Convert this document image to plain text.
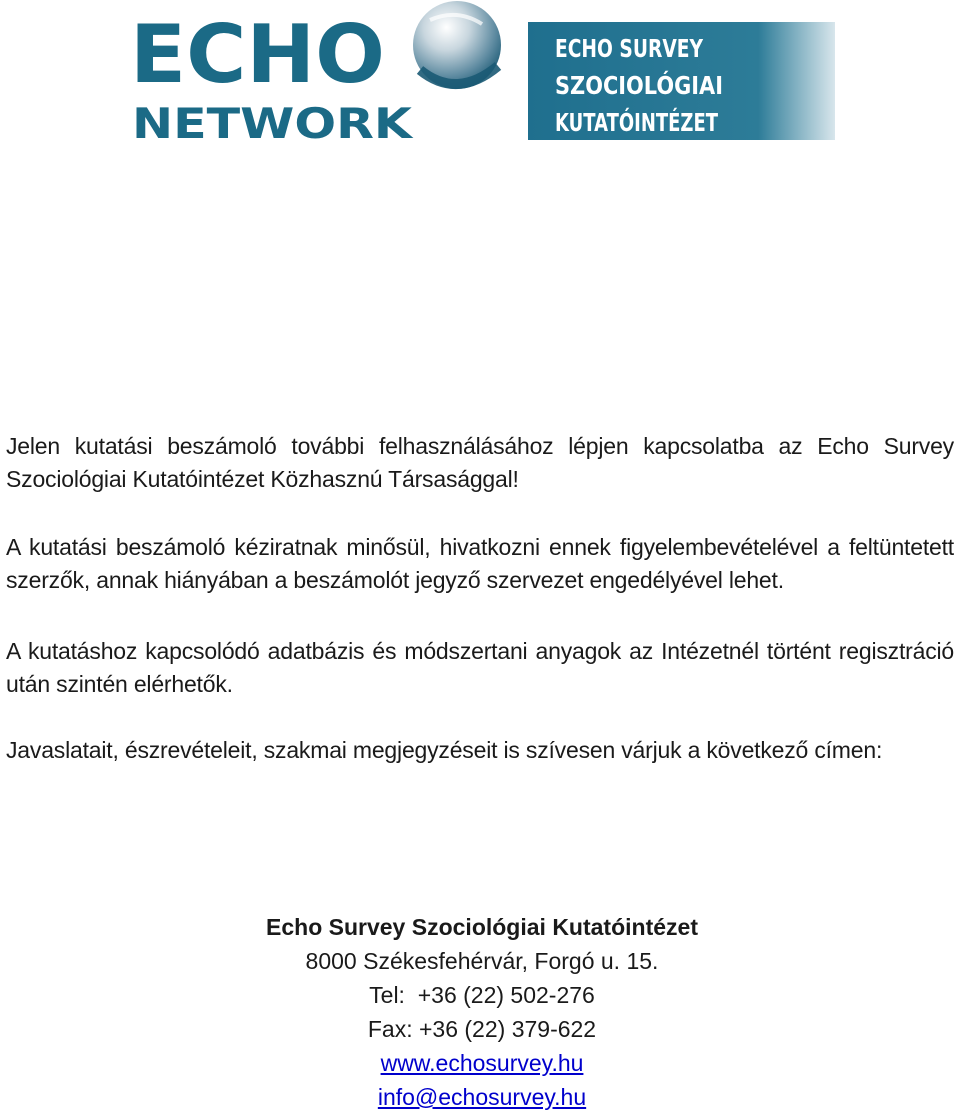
ECHO
NETWORK
ECHO SURVEY
SZOCIOLÓGIAI
KUTATÓINTÉZET

Jelen kutatási beszámoló további felhasználásához lépjen kapcsolatba az Echo Survey Szociológiai Kutatóintézet Közhasznú Társasággal!

A kutatási beszámoló kéziratnak minősül, hivatkozni ennek figyelembevételével a feltüntetett szerzők, annak hiányában a beszámolót jegyző szervezet engedélyével lehet.

A kutatáshoz kapcsolódó adatbázis és módszertani anyagok az Intézetnél történt regisztráció után szintén elérhetők.

Javaslatait, észrevételeit, szakmai megjegyzéseit is szívesen várjuk a következő címen:

Echo Survey Szociológiai Kutatóintézet
8000 Székesfehérvár, Forgó u. 15.
Tel:  +36 (22) 502-276
Fax: +36 (22) 379-622
www.echosurvey.hu
info@echosurvey.hu
